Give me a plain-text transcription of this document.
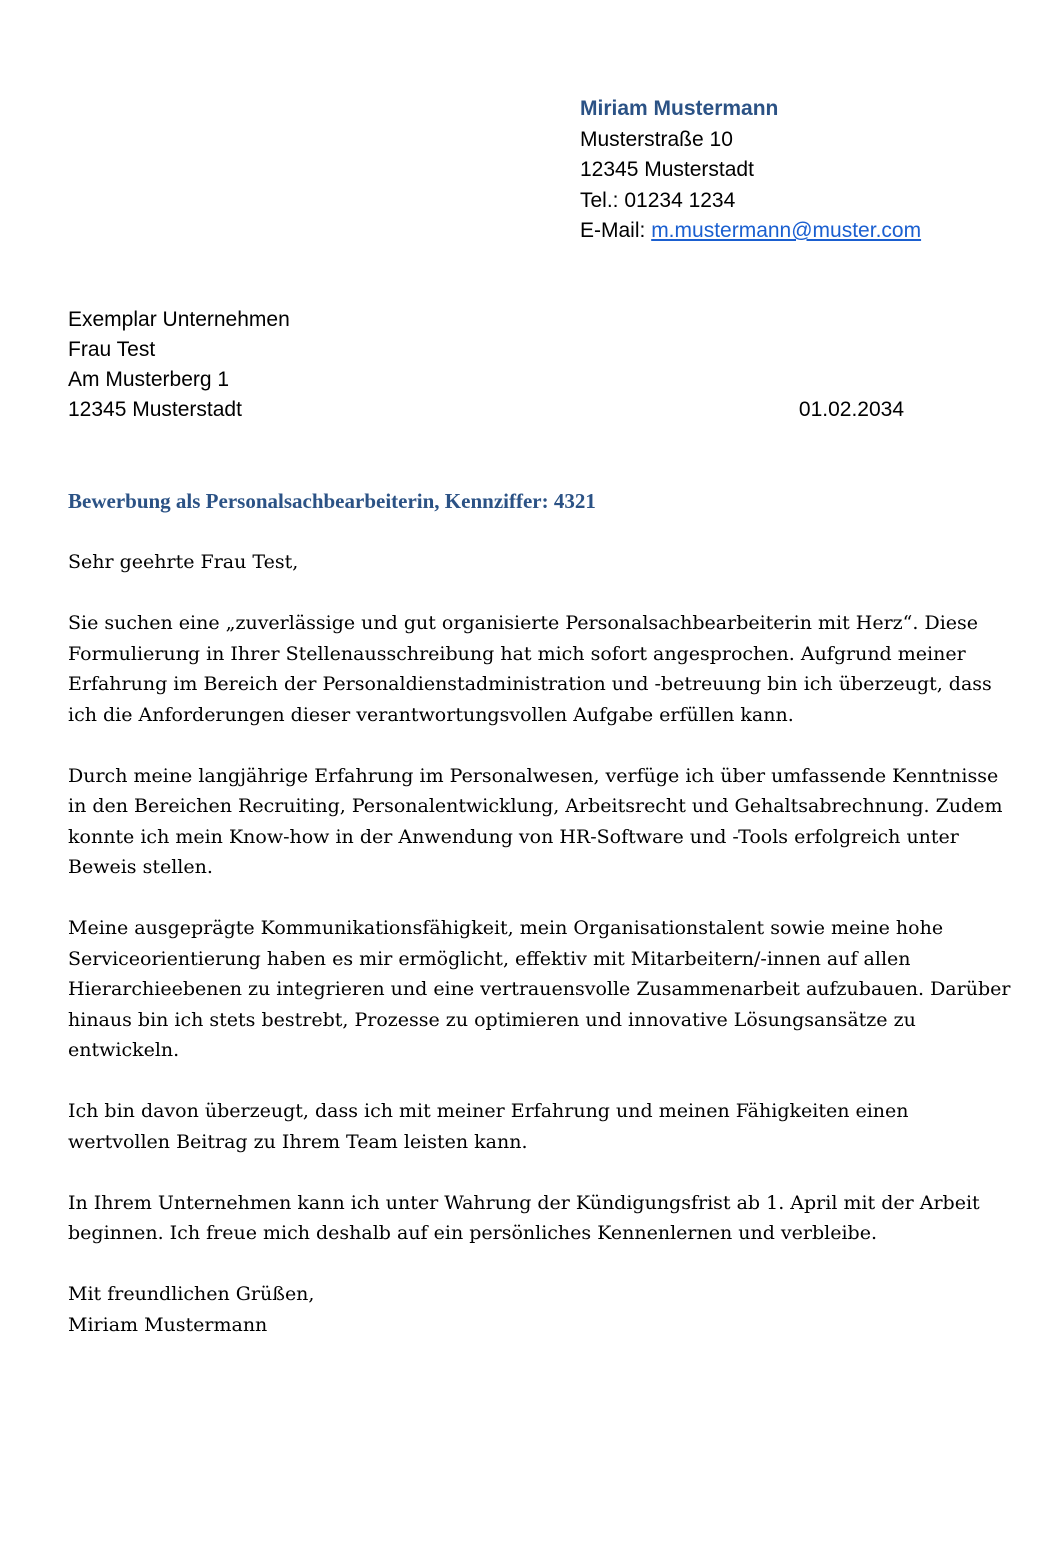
Miriam Mustermann
Musterstraße 10
12345 Musterstadt
Tel.: 01234 1234
E-Mail: m.mustermann@muster.com
Exemplar Unternehmen
Frau Test
Am Musterberg 1
12345 Musterstadt	01.02.2034
Bewerbung als Personalsachbearbeiterin, Kennziffer: 4321

Sehr geehrte Frau Test,

Sie suchen eine „zuverlässige und gut organisierte Personalsachbearbeiterin mit Herz“. Diese Formulierung in Ihrer Stellenausschreibung hat mich sofort angesprochen. Aufgrund meiner Erfahrung im Bereich der Personaldienstadministration und -betreuung bin ich überzeugt, dass ich die Anforderungen dieser verantwortungsvollen Aufgabe erfüllen kann.

Durch meine langjährige Erfahrung im Personalwesen, verfüge ich über umfassende Kenntnisse in den Bereichen Recruiting, Personalentwicklung, Arbeitsrecht und Gehaltsabrechnung. Zudem konnte ich mein Know-how in der Anwendung von HR-Software und -Tools erfolgreich unter Beweis stellen.

Meine ausgeprägte Kommunikationsfähigkeit, mein Organisationstalent sowie meine hohe Serviceorientierung haben es mir ermöglicht, effektiv mit Mitarbeitern/-innen auf allen Hierarchieebenen zu integrieren und eine vertrauensvolle Zusammenarbeit aufzubauen. Darüber hinaus bin ich stets bestrebt, Prozesse zu optimieren und innovative Lösungsansätze zu entwickeln.

Ich bin davon überzeugt, dass ich mit meiner Erfahrung und meinen Fähigkeiten einen wertvollen Beitrag zu Ihrem Team leisten kann.

In Ihrem Unternehmen kann ich unter Wahrung der Kündigungsfrist ab 1. April mit der Arbeit beginnen. Ich freue mich deshalb auf ein persönliches Kennenlernen und verbleibe.

Mit freundlichen Grüßen,

Miriam Mustermann
